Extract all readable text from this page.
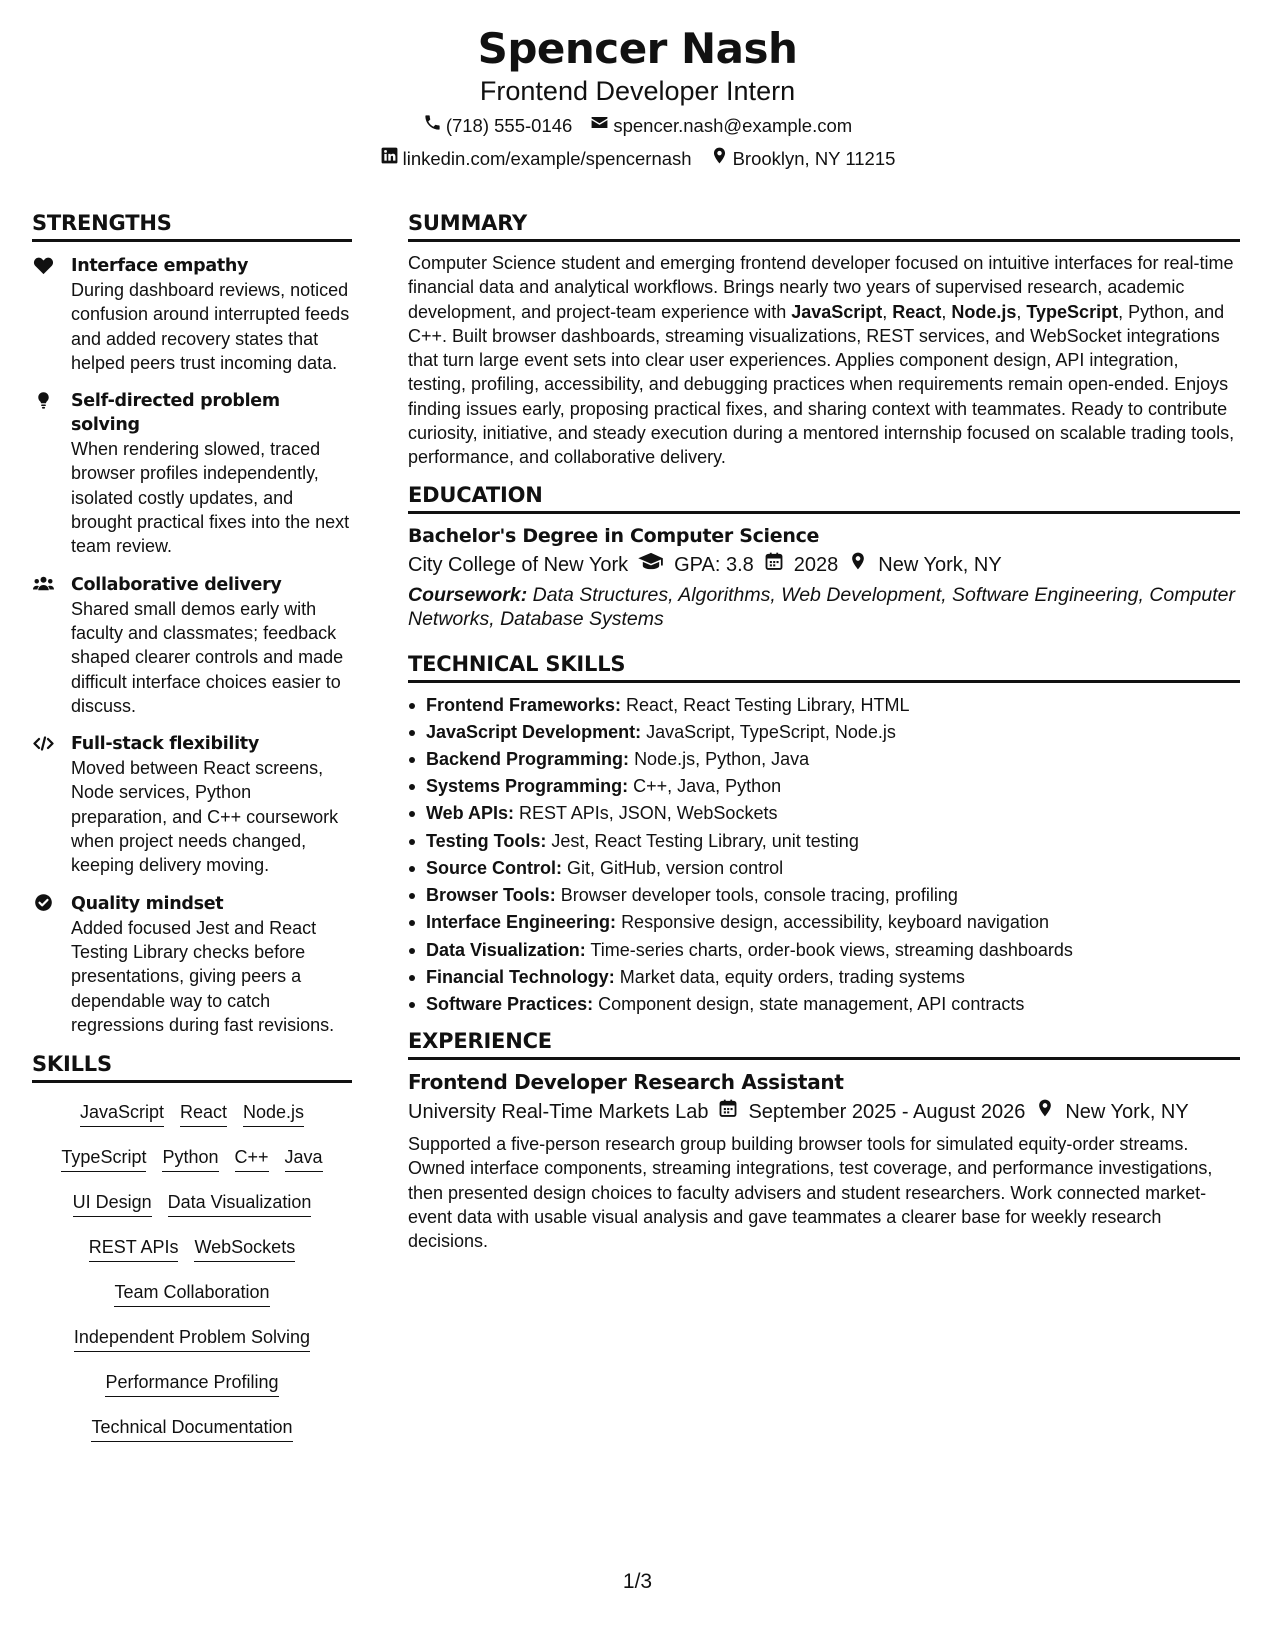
Spencer Nash
Frontend Developer Intern
(718) 555-0146 spencer.nash@example.com
linkedin.com/example/spencernash Brooklyn, NY 11215
STRENGTHS
Interface empathy
During dashboard reviews, noticed confusion around interrupted feeds and added recovery states that helped peers trust incoming data.
Self-directed problem solving
When rendering slowed, traced browser profiles independently, isolated costly updates, and brought practical fixes into the next team review.
Collaborative delivery
Shared small demos early with faculty and classmates; feedback shaped clearer controls and made difficult interface choices easier to discuss.
Full-stack flexibility
Moved between React screens, Node services, Python preparation, and C++ coursework when project needs changed, keeping delivery moving.
Quality mindset
Added focused Jest and React Testing Library checks before presentations, giving peers a dependable way to catch regressions during fast revisions.
SKILLS
JavaScript React Node.js
TypeScript Python C++ Java
UI Design Data Visualization
REST APIs WebSockets
Team Collaboration
Independent Problem Solving
Performance Profiling
Technical Documentation
SUMMARY

Computer Science student and emerging frontend developer focused on intuitive interfaces for real-time financial data and analytical workflows. Brings nearly two years of supervised research, academic development, and project-team experience with JavaScript, React, Node.js, TypeScript, Python, and C++. Built browser dashboards, streaming visualizations, REST services, and WebSocket integrations that turn large event sets into clear user experiences. Applies component design, API integration, testing, profiling, accessibility, and debugging practices when requirements remain open-ended. Enjoys finding issues early, proposing practical fixes, and sharing context with teammates. Ready to contribute curiosity, initiative, and steady execution during a mentored internship focused on scalable trading tools, performance, and collaborative delivery.

EDUCATION
Bachelor's Degree in Computer Science
City College of New York GPA: 3.8 2028 New York, NY

Coursework: Data Structures, Algorithms, Web Development, Software Engineering, Computer Networks, Database Systems

TECHNICAL SKILLS
Frontend Frameworks: React, React Testing Library, HTML
JavaScript Development: JavaScript, TypeScript, Node.js
Backend Programming: Node.js, Python, Java
Systems Programming: C++, Java, Python
Web APIs: REST APIs, JSON, WebSockets
Testing Tools: Jest, React Testing Library, unit testing
Source Control: Git, GitHub, version control
Browser Tools: Browser developer tools, console tracing, profiling
Interface Engineering: Responsive design, accessibility, keyboard navigation
Data Visualization: Time-series charts, order-book views, streaming dashboards
Financial Technology: Market data, equity orders, trading systems
Software Practices: Component design, state management, API contracts
EXPERIENCE
Frontend Developer Research Assistant
University Real-Time Markets Lab September 2025 - August 2026 New York, NY

Supported a five-person research group building browser tools for simulated equity-order streams. Owned interface components, streaming integrations, test coverage, and performance investigations, then presented design choices to faculty advisers and student researchers. Work connected market-event data with usable visual analysis and gave teammates a clearer base for weekly research decisions.

1/3
